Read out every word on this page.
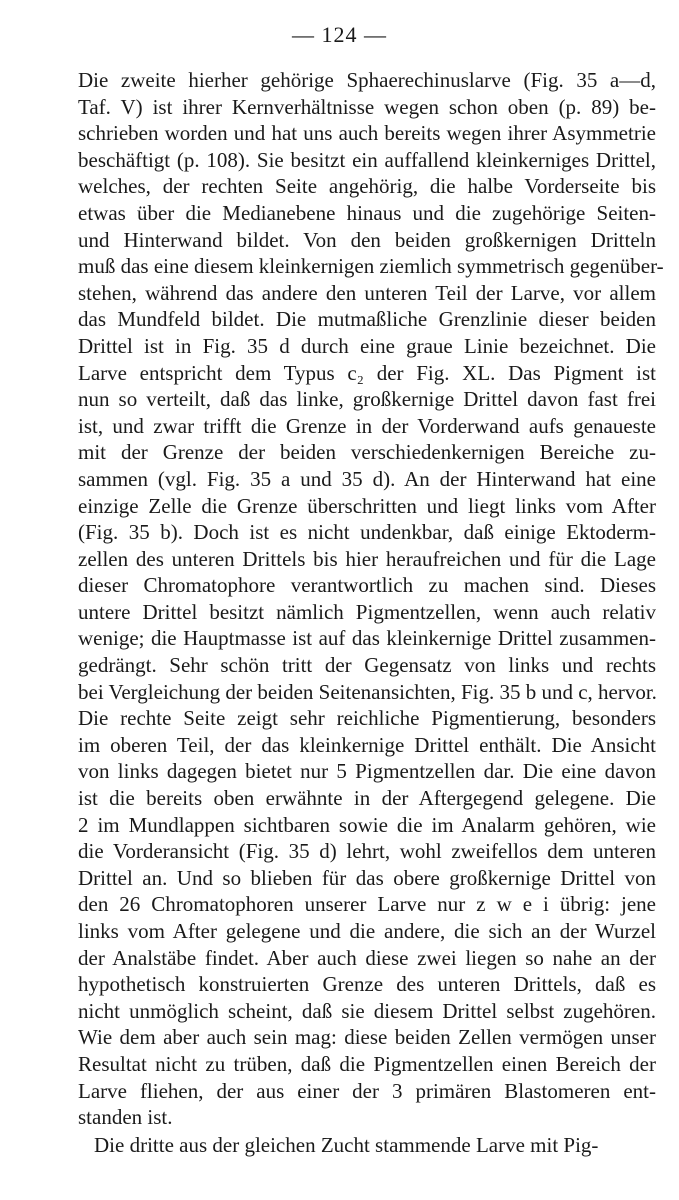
— 124 —
Die zweite hierher gehörige Sphaerechinuslarve (Fig. 35 a—d,
Taf. V) ist ihrer Kernverhältnisse wegen schon oben (p. 89) be-
schrieben worden und hat uns auch bereits wegen ihrer Asymmetrie
beschäftigt (p. 108). Sie besitzt ein auffallend kleinkerniges Drittel,
welches, der rechten Seite angehörig, die halbe Vorderseite bis
etwas über die Medianebene hinaus und die zugehörige Seiten-
und Hinterwand bildet. Von den beiden großkernigen Dritteln
muß das eine diesem kleinkernigen ziemlich symmetrisch gegenüber-
stehen, während das andere den unteren Teil der Larve, vor allem
das Mundfeld bildet. Die mutmaßliche Grenzlinie dieser beiden
Drittel ist in Fig. 35 d durch eine graue Linie bezeichnet. Die
Larve entspricht dem Typus c₂ der Fig. XL. Das Pigment ist
nun so verteilt, daß das linke, großkernige Drittel davon fast frei
ist, und zwar trifft die Grenze in der Vorderwand aufs genaueste
mit der Grenze der beiden verschiedenkernigen Bereiche zu-
sammen (vgl. Fig. 35 a und 35 d). An der Hinterwand hat eine
einzige Zelle die Grenze überschritten und liegt links vom After
(Fig. 35 b). Doch ist es nicht undenkbar, daß einige Ektoderm-
zellen des unteren Drittels bis hier heraufreichen und für die Lage
dieser Chromatophore verantwortlich zu machen sind. Dieses
untere Drittel besitzt nämlich Pigmentzellen, wenn auch relativ
wenige; die Hauptmasse ist auf das kleinkernige Drittel zusammen-
gedrängt. Sehr schön tritt der Gegensatz von links und rechts
bei Vergleichung der beiden Seitenansichten, Fig. 35 b und c, hervor.
Die rechte Seite zeigt sehr reichliche Pigmentierung, besonders
im oberen Teil, der das kleinkernige Drittel enthält. Die Ansicht
von links dagegen bietet nur 5 Pigmentzellen dar. Die eine davon
ist die bereits oben erwähnte in der Aftergegend gelegene. Die
2 im Mundlappen sichtbaren sowie die im Analarm gehören, wie
die Vorderansicht (Fig. 35 d) lehrt, wohl zweifellos dem unteren
Drittel an. Und so blieben für das obere großkernige Drittel von
den 26 Chromatophoren unserer Larve nur z w e i übrig: jene
links vom After gelegene und die andere, die sich an der Wurzel
der Analstäbe findet. Aber auch diese zwei liegen so nahe an der
hypothetisch konstruierten Grenze des unteren Drittels, daß es
nicht unmöglich scheint, daß sie diesem Drittel selbst zugehören.
Wie dem aber auch sein mag: diese beiden Zellen vermögen unser
Resultat nicht zu trüben, daß die Pigmentzellen einen Bereich der
Larve fliehen, der aus einer der 3 primären Blastomeren ent-
standen ist.
Die dritte aus der gleichen Zucht stammende Larve mit Pig-
